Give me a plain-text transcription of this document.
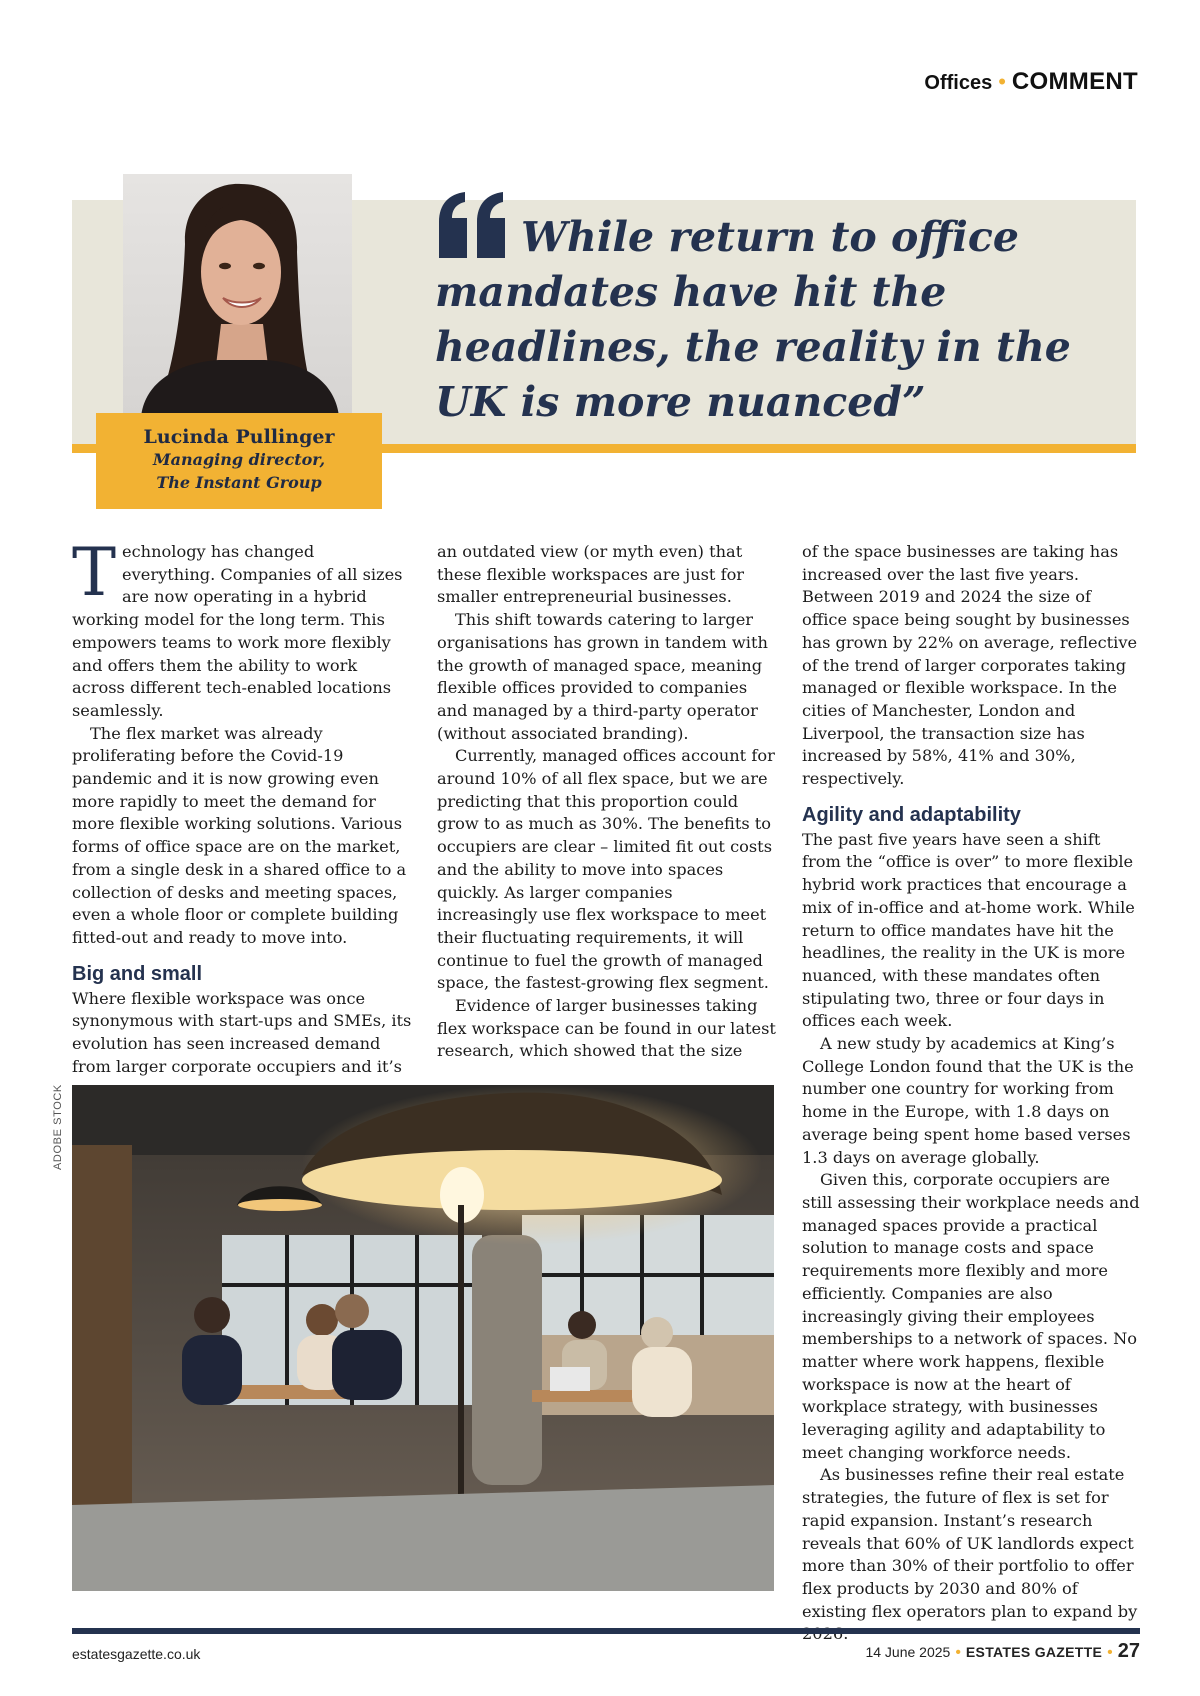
Offices • COMMENT
Lucinda Pullinger
Managing director,
The Instant Group
While return to office mandates have hit the headlines, the reality in the UK is more nuanced”

Technology has changed everything. Companies of all sizes are now operating in a hybrid working model for the long term. This empowers teams to work more flexibly and offers them the ability to work across different tech-enabled locations seamlessly.

The flex market was already proliferating before the Covid-19 pandemic and it is now growing even more rapidly to meet the demand for more flexible working solutions. Various forms of office space are on the market, from a single desk in a shared office to a collection of desks and meeting spaces, even a whole floor or complete building fitted-out and ready to move into.

Big and small

Where flexible workspace was once synonymous with start-ups and SMEs, its evolution has seen increased demand from larger corporate occupiers and it’s

an outdated view (or myth even) that these flexible workspaces are just for smaller entrepreneurial businesses.

This shift towards catering to larger organisations has grown in tandem with the growth of managed space, meaning flexible offices provided to companies and managed by a third-party operator (without associated branding).

Currently, managed offices account for around 10% of all flex space, but we are predicting that this proportion could grow to as much as 30%. The benefits to occupiers are clear – limited fit out costs and the ability to move into spaces quickly. As larger companies increasingly use flex workspace to meet their fluctuating requirements, it will continue to fuel the growth of managed space, the fastest-growing flex segment.

Evidence of larger businesses taking flex workspace can be found in our latest research, which showed that the size

of the space businesses are taking has increased over the last five years. Between 2019 and 2024 the size of office space being sought by businesses has grown by 22% on average, reflective of the trend of larger corporates taking managed or flexible workspace. In the cities of Manchester, London and Liverpool, the transaction size has increased by 58%, 41% and 30%, respectively.

Agility and adaptability

The past five years have seen a shift from the “office is over” to more flexible hybrid work practices that encourage a mix of in-office and at-home work. While return to office mandates have hit the headlines, the reality in the UK is more nuanced, with these mandates often stipulating two, three or four days in offices each week.

A new study by academics at King’s College London found that the UK is the number one country for working from home in the Europe, with 1.8 days on average being spent home based verses 1.3 days on average globally.

Given this, corporate occupiers are still assessing their workplace needs and managed spaces provide a practical solution to manage costs and space requirements more flexibly and more efficiently. Companies are also increasingly giving their employees memberships to a network of spaces. No matter where work happens, flexible workspace is now at the heart of workplace strategy, with businesses leveraging agility and adaptability to meet changing workforce needs.

As businesses refine their real estate strategies, the future of flex is set for rapid expansion. Instant’s research reveals that 60% of UK landlords expect more than 30% of their portfolio to offer flex products by 2030 and 80% of existing flex operators plan to expand by

ADOBE STOCK
estatesgazette.co.uk	14 June 2025 • ESTATES GAZETTE • 27
